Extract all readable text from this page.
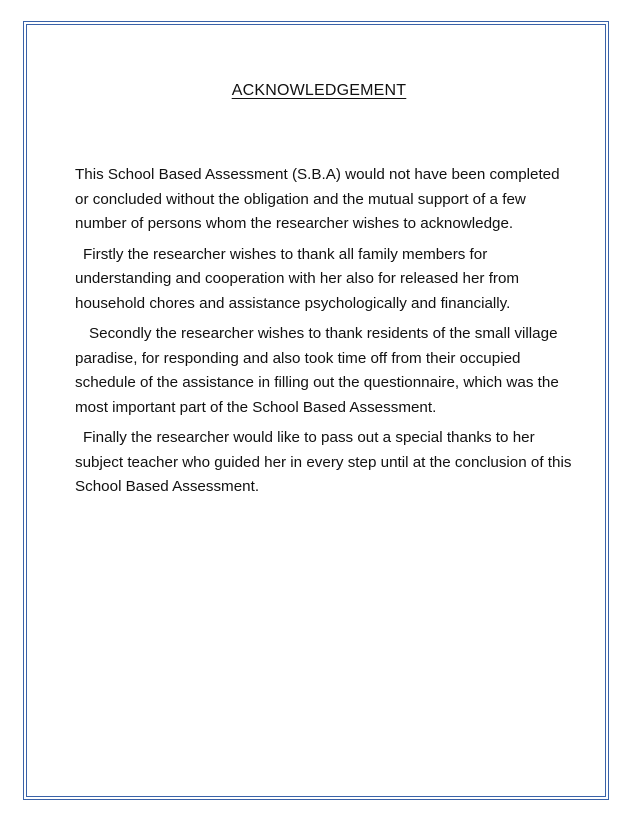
ACKNOWLEDGEMENT

This School Based Assessment (S.B.A) would not have been completed or concluded without the obligation and the mutual support of a few number of persons whom the researcher wishes to acknowledge.

Firstly the researcher wishes to thank all family members for understanding and cooperation with her also for released her from household chores and assistance psychologically and financially.

Secondly the researcher wishes to thank residents of the small village paradise, for responding and also took time off from their occupied schedule of the assistance in filling out the questionnaire, which was the most important part of the School Based Assessment.

Finally the researcher would like to pass out a special thanks to her subject teacher who guided her in every step until at the conclusion of this School Based Assessment.
